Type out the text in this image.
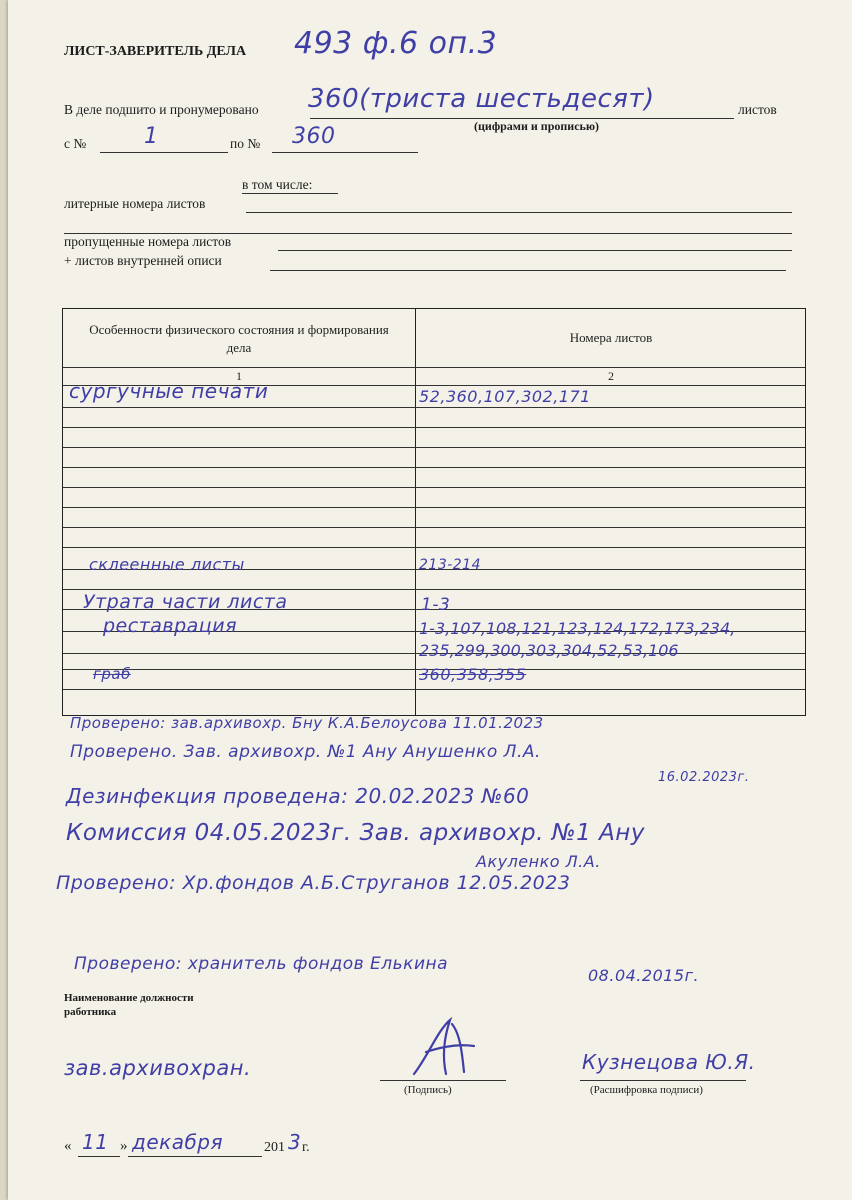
ЛИСТ-ЗАВЕРИТЕЛЬ ДЕЛА 493 ф.6 оп.3
В деле подшито и пронумеровано 360(триста шестьдесят)	листов
(цифрами и прописью)
с №	1	по № 360
в том числе:
литерные номера листов
пропущенные номера листов
+ листов внутренней описи
Особенности физического состояния и формирования дела
Номера листов
1	2
сургучные печати	52,360,107,302,171
склеенные листы	213-214
Утрата части листа	1-3
реставрация	1-3,107,108,121,123,124,172,173,234,
235,299,300,303,304,52,53,106
граб	360,358,355
Проверено: зав.архивохр. Бну К.А.Белоусова 11.01.2023
Проверено. Зав. архивохр. №1 Ану Анушенко Л.А.
16.02.2023г.
Дезинфекция проведена: 20.02.2023 №60
Комиссия 04.05.2023г. Зав. архивохр. №1 Ану
Акуленко Л.А.
Проверено: Хр.фондов А.Б.Струганов 12.05.2023
Проверено: хранитель фондов Елькина
08.04.2015г.
Наименование должности
работника
зав.архивохран.
(Подпись)
Кузнецова Ю.Я.
(Расшифровка подписи)
« 11 » декабря	201 3 г.
